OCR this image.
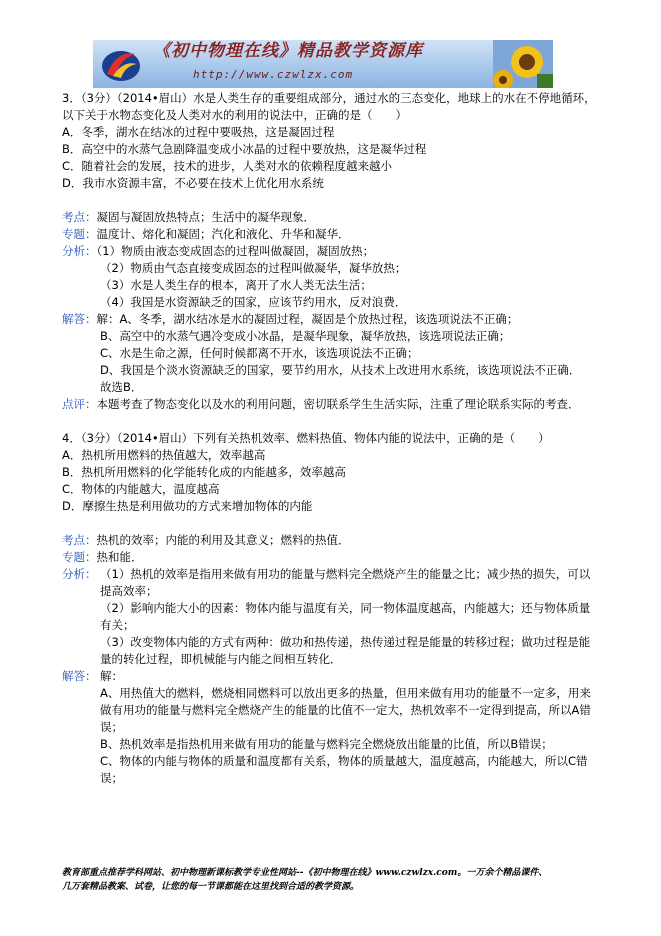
《初中物理在线》精品教学资源库
http://www.czwlzx.com

3．（3分）（2014•眉山）水是人类生存的重要组成部分，通过水的三态变化，地球上的水在不停地循环，

以下关于水物态变化及人类对水的利用的说法中，正确的是（　　）

A．冬季，湖水在结冰的过程中要吸热，这是凝固过程

B．高空中的水蒸气急剧降温变成小冰晶的过程中要放热，这是凝华过程

C．随着社会的发展，技术的进步，人类对水的依赖程度越来越小

D．我市水资源丰富，不必要在技术上优化用水系统

考点：凝固与凝固放热特点；生活中的凝华现象．

专题：温度计、熔化和凝固；汽化和液化、升华和凝华．

分析：（1）物质由液态变成固态的过程叫做凝固，凝固放热；

（2）物质由气态直接变成固态的过程叫做凝华，凝华放热；

（3）水是人类生存的根本，离开了水人类无法生活；

（4）我国是水资源缺乏的国家，应该节约用水，反对浪费．

解答：解：A、冬季，湖水结冰是水的凝固过程，凝固是个放热过程，该选项说法不正确；

B、高空中的水蒸气遇冷变成小冰晶，是凝华现象，凝华放热，该选项说法正确；

C、水是生命之源，任何时候都离不开水，该选项说法不正确；

D、我国是个淡水资源缺乏的国家，要节约用水，从技术上改进用水系统，该选项说法不正确．

故选B．

点评：本题考查了物态变化以及水的利用问题，密切联系学生生活实际，注重了理论联系实际的考查．

4．（3分）（2014•眉山）下列有关热机效率、燃料热值、物体内能的说法中，正确的是（　　）

A．热机所用燃料的热值越大，效率越高

B．热机所用燃料的化学能转化成的内能越多，效率越高

C．物体的内能越大，温度越高

D．摩擦生热是利用做功的方式来增加物体的内能

考点：热机的效率；内能的利用及其意义；燃料的热值．

专题：热和能．

分析： （1）热机的效率是指用来做有用功的能量与燃料完全燃烧产生的能量之比；减少热的损失，可以提高效率；

（2）影响内能大小的因素：物体内能与温度有关，同一物体温度越高，内能越大；还与物体质量有关；

（3）改变物体内能的方式有两种：做功和热传递，热传递过程是能量的转移过程；做功过程是能量的转化过程，即机械能与内能之间相互转化．

解答： 解：

A、用热值大的燃料，燃烧相同燃料可以放出更多的热量，但用来做有用功的能量不一定多，用来做有用功的能量与燃料完全燃烧产生的能量的比值不一定大，热机效率不一定得到提高，所以A错误；

B、热机效率是指热机用来做有用功的能量与燃料完全燃烧放出能量的比值，所以B错误；

C、物体的内能与物体的质量和温度都有关系，物体的质量越大，温度越高，内能越大，所以C错误；

教育部重点推荐学科网站、初中物理新课标教学专业性网站--《初中物理在线》www.czwlzx.com。一万余个精品课件、
几万套精品教案、试卷，让您的每一节课都能在这里找到合适的教学资源。
